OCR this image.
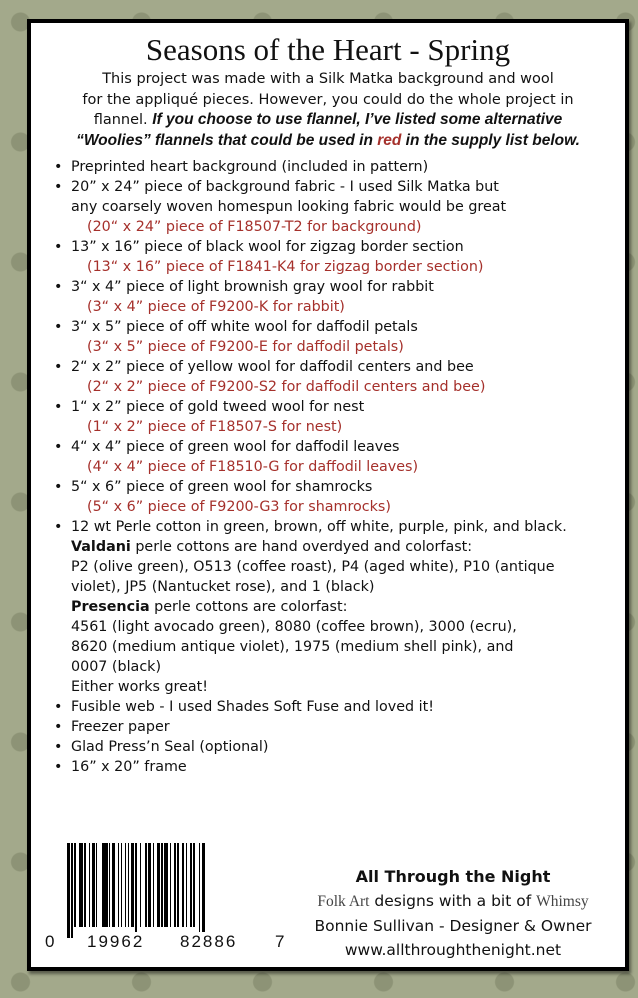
Seasons of the Heart - Spring
This project was made with a Silk Matka background and wool
for the appliqué pieces. However, you could do the whole project in
flannel. If you choose to use flannel, I’ve listed some alternative
“Woolies” flannels that could be used in red in the supply list below.
• Preprinted heart background (included in pattern)
• 20” x 24” piece of background fabric - I used Silk Matka but
any coarsely woven homespun looking fabric would be great
(20“ x 24” piece of F18507-T2 for background)
• 13” x 16” piece of black wool for zigzag border section
(13“ x 16” piece of F1841-K4 for zigzag border section)
• 3“ x 4” piece of light brownish gray wool for rabbit
(3“ x 4” piece of F9200-K for rabbit)
• 3“ x 5” piece of off white wool for daffodil petals
(3“ x 5” piece of F9200-E for daffodil petals)
• 2“ x 2” piece of yellow wool for daffodil centers and bee
(2“ x 2” piece of F9200-S2 for daffodil centers and bee)
• 1“ x 2” piece of gold tweed wool for nest
(1“ x 2” piece of F18507-S for nest)
• 4“ x 4” piece of green wool for daffodil leaves
(4“ x 4” piece of F18510-G for daffodil leaves)
• 5“ x 6” piece of green wool for shamrocks
(5“ x 6” piece of F9200-G3 for shamrocks)
• 12 wt Perle cotton in green, brown, off white, purple, pink, and black.
Valdani perle cottons are hand overdyed and colorfast:
P2 (olive green), O513 (coffee roast), P4 (aged white), P10 (antique
violet), JP5 (Nantucket rose), and 1 (black)
Presencia perle cottons are colorfast:
4561 (light avocado green), 8080 (coffee brown), 3000 (ecru),
8620 (medium antique violet), 1975 (medium shell pink), and
0007 (black)
Either works great!
• Fusible web - I used Shades Soft Fuse and loved it!
• Freezer paper
• Glad Press’n Seal (optional)
• 16” x 20” frame
0 19962 82886 7
All Through the Night
Folk Art designs with a bit of Whimsy
Bonnie Sullivan - Designer & Owner
www.allthroughthenight.net
